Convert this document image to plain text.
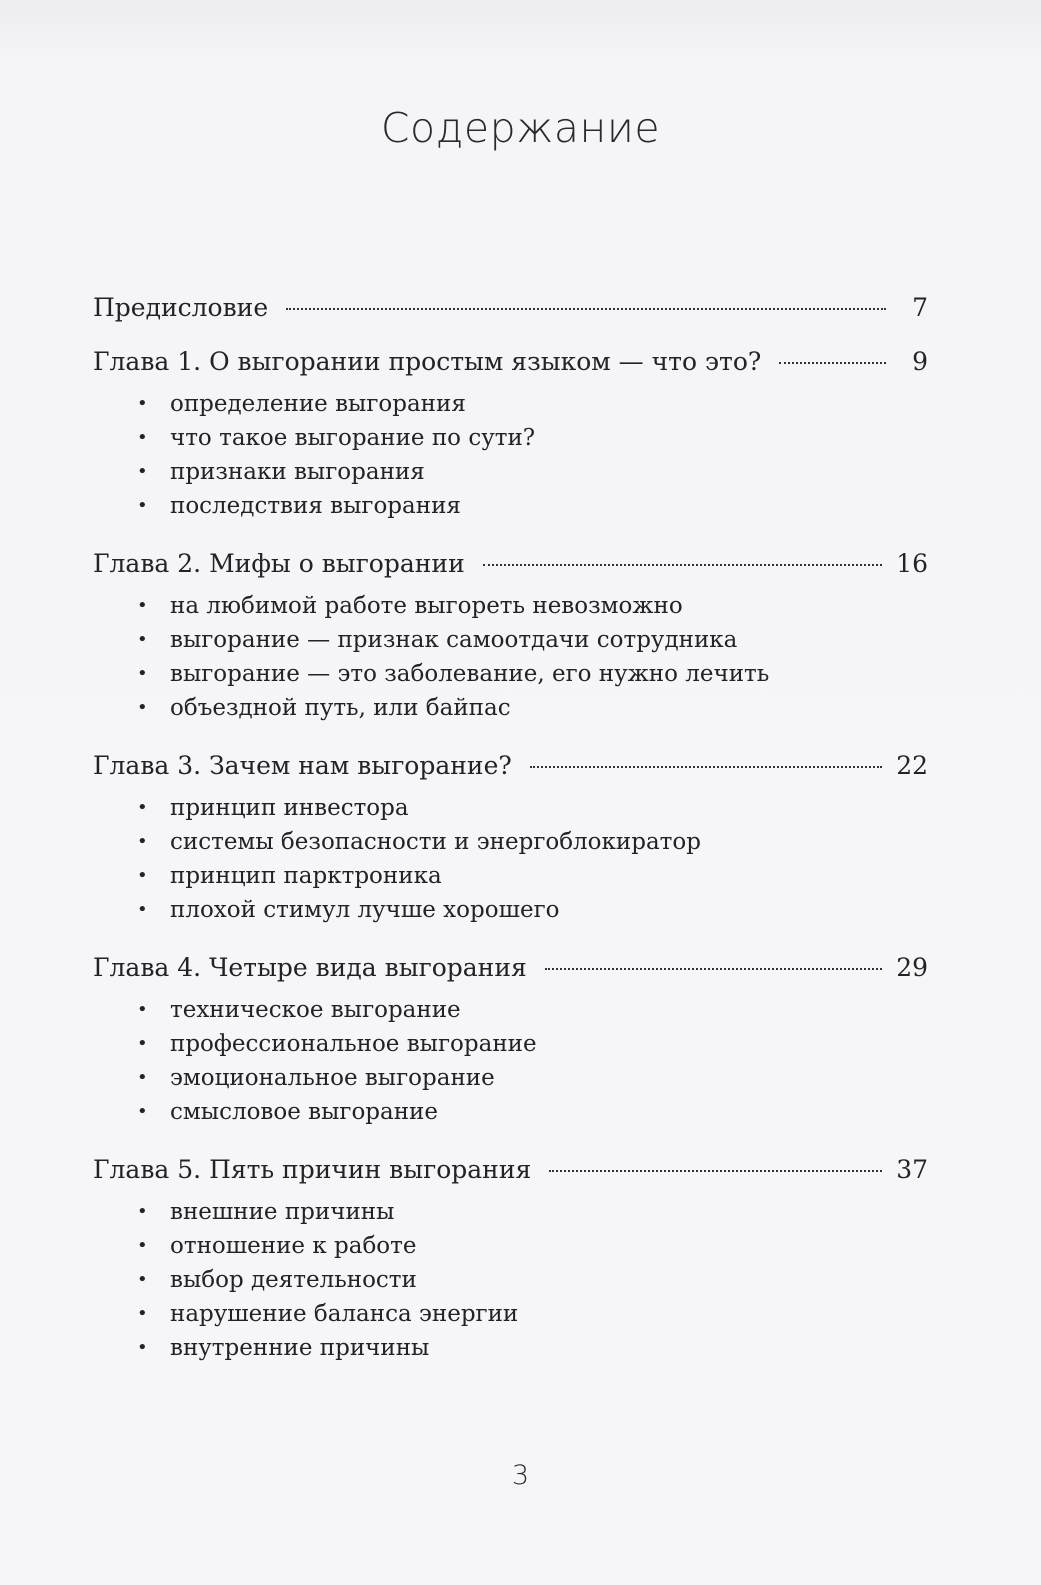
Содержание
Предисловие	7
Глава 1. О выгорании простым языком — что это?	9
• определение выгорания
• что такое выгорание по сути?
• признаки выгорания
• последствия выгорания
Глава 2. Мифы о выгорании	16
• на любимой работе выгореть невозможно
• выгорание — признак самоотдачи сотрудника
• выгорание — это заболевание, его нужно лечить
• объездной путь, или байпас
Глава 3. Зачем нам выгорание?	22
• принцип инвестора
• системы безопасности и энергоблокиратор
• принцип парктроника
• плохой стимул лучше хорошего
Глава 4. Четыре вида выгорания	29
• техническое выгорание
• профессиональное выгорание
• эмоциональное выгорание
• смысловое выгорание
Глава 5. Пять причин выгорания	37
• внешние причины
• отношение к работе
• выбор деятельности
• нарушение баланса энергии
• внутренние причины
3
